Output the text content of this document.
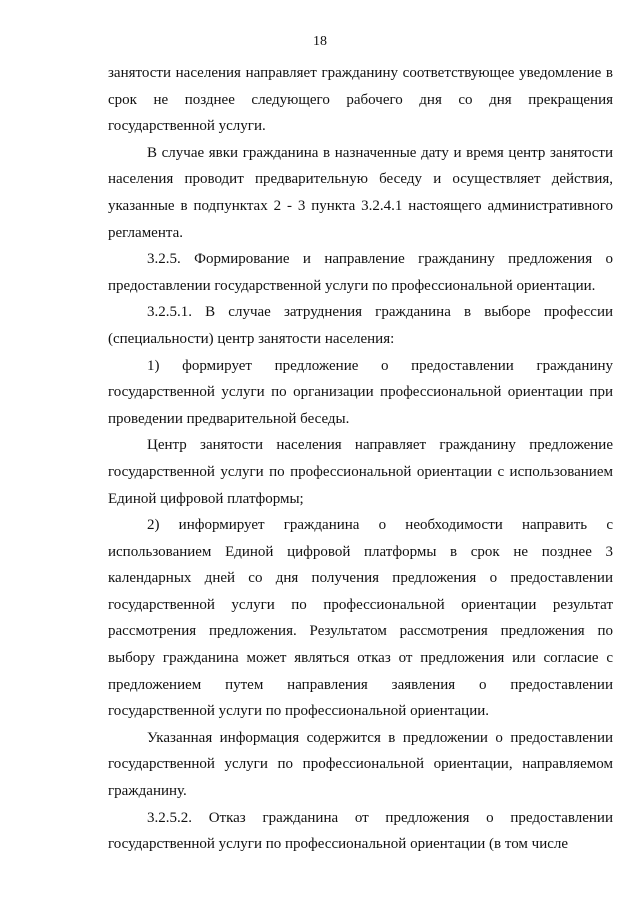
18

занятости населения направляет гражданину соответствующее уведомление в срок не позднее следующего рабочего дня со дня прекращения государственной услуги.

В случае явки гражданина в назначенные дату и время центр занятости населения проводит предварительную беседу и осуществляет действия, указанные в подпунктах 2 - 3 пункта 3.2.4.1 настоящего административного регламента.

3.2.5. Формирование и направление гражданину предложения о предоставлении государственной услуги по профессиональной ориентации.

3.2.5.1. В случае затруднения гражданина в выборе профессии (специальности) центр занятости населения:

1) формирует предложение о предоставлении гражданину государственной услуги по организации профессиональной ориентации при проведении предварительной беседы.

Центр занятости населения направляет гражданину предложение государственной услуги по профессиональной ориентации с использованием Единой цифровой платформы;

2) информирует гражданина о необходимости направить с использованием Единой цифровой платформы в срок не позднее 3 календарных дней со дня получения предложения о предоставлении государственной услуги по профессиональной ориентации результат рассмотрения предложения. Результатом рассмотрения предложения по выбору гражданина может являться отказ от предложения или согласие с предложением путем направления заявления о предоставлении государственной услуги по профессиональной ориентации.

Указанная информация содержится в предложении о предоставлении государственной услуги по профессиональной ориентации, направляемом гражданину.

3.2.5.2. Отказ гражданина от предложения о предоставлении государственной услуги по профессиональной ориентации (в том числе
